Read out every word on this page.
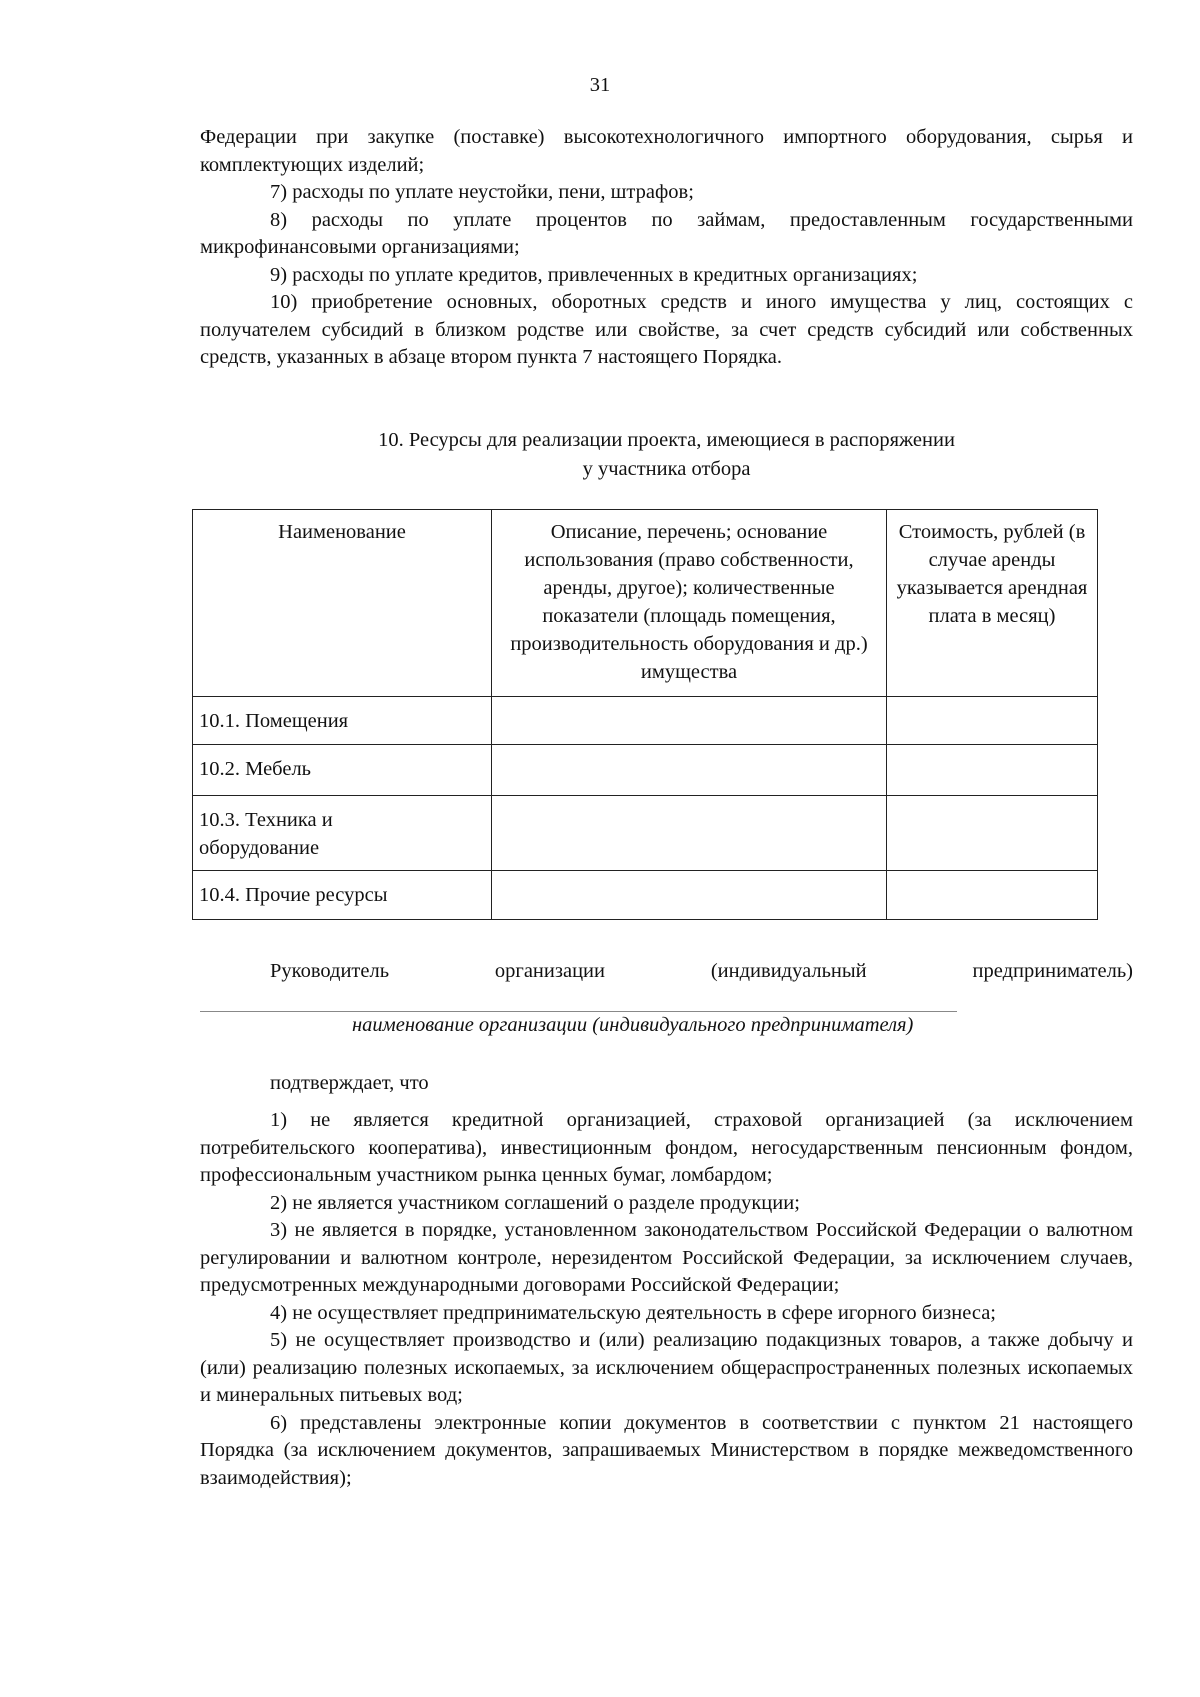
31

Федерации при закупке (поставке) высокотехнологичного импортного оборудования, сырья и комплектующих изделий;

7) расходы по уплате неустойки, пени, штрафов;

8) расходы по уплате процентов по займам, предоставленным государственными микрофинансовыми организациями;

9) расходы по уплате кредитов, привлеченных в кредитных организациях;

10) приобретение основных, оборотных средств и иного имущества у лиц, состоящих с получателем субсидий в близком родстве или свойстве, за счет средств субсидий или собственных средств, указанных в абзаце втором пункта 7 настоящего Порядка.

10. Ресурсы для реализации проекта, имеющиеся в распоряжении
у участника отбора
Наименование	Описание, перечень; основание использования (право собственности, аренды, другое); количественные показатели (площадь помещения, производительность оборудования и др.) имущества	Стоимость, рублей (в случае аренды указывается арендная плата в месяц)
10.1. Помещения		
10.2. Мебель		
10.3. Техника и оборудование		
10.4. Прочие ресурсы		
Руководитель	организации	(индивидуальный	предприниматель)
наименование организации (индивидуального предпринимателя)
подтверждает, что

1) не является кредитной организацией, страховой организацией (за исключением потребительского кооператива), инвестиционным фондом, негосударственным пенсионным фондом, профессиональным участником рынка ценных бумаг, ломбардом;

2) не является участником соглашений о разделе продукции;

3) не является в порядке, установленном законодательством Российской Федерации о валютном регулировании и валютном контроле, нерезидентом Российской Федерации, за исключением случаев, предусмотренных международными договорами Российской Федерации;

4) не осуществляет предпринимательскую деятельность в сфере игорного бизнеса;

5) не осуществляет производство и (или) реализацию подакцизных товаров, а также добычу и (или) реализацию полезных ископаемых, за исключением общераспространенных полезных ископаемых и минеральных питьевых вод;

6) представлены электронные копии документов в соответствии с пунктом 21 настоящего Порядка (за исключением документов, запрашиваемых Министерством в порядке межведомственного взаимодействия);
